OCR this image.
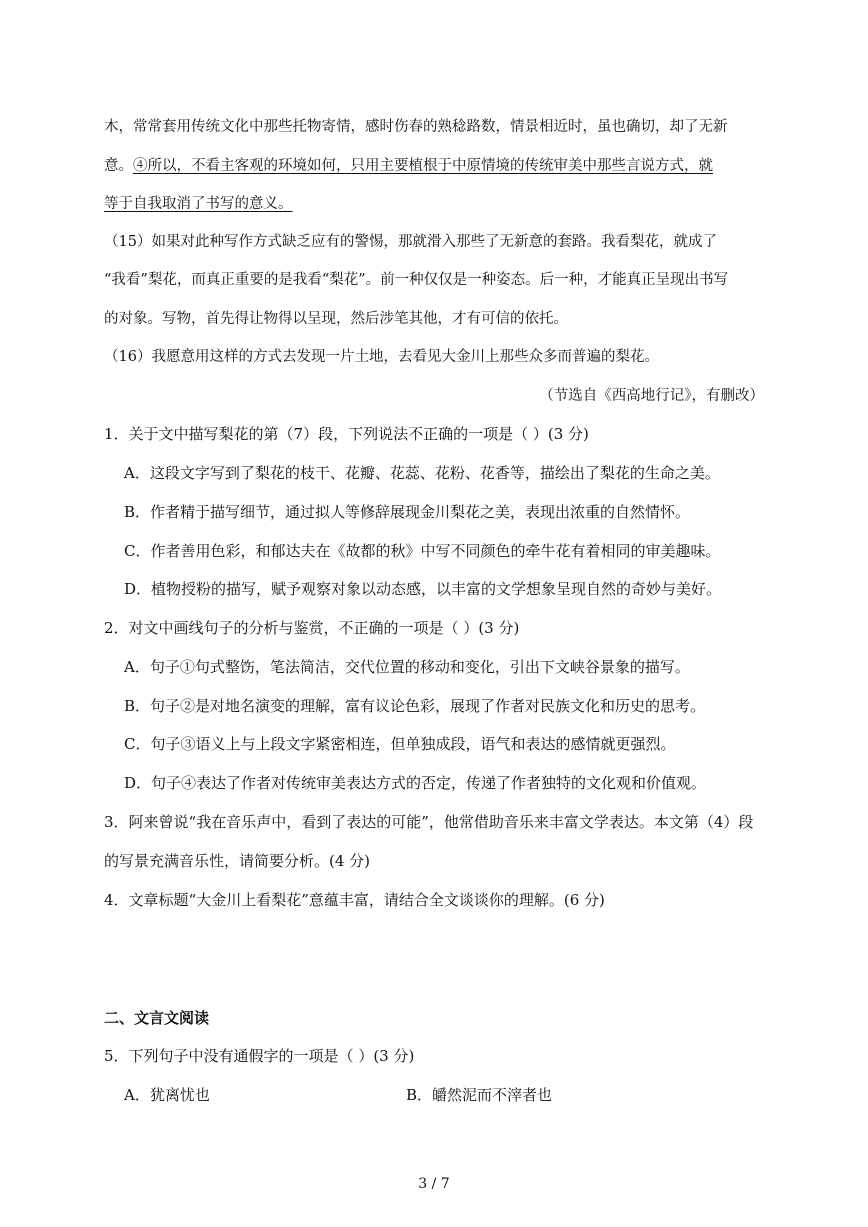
木，常常套用传统文化中那些托物寄情，感时伤春的熟稔路数，情景相近时，虽也确切，却了无新
意。④所以，不看主客观的环境如何，只用主要植根于中原情境的传统审美中那些言说方式，就
等于自我取消了书写的意义。
（15）如果对此种写作方式缺乏应有的警惕，那就滑入那些了无新意的套路。我看梨花，就成了
“我看”梨花，而真正重要的是我看“梨花”。前一种仅仅是一种姿态。后一种，才能真正呈现出书写
的对象。写物，首先得让物得以呈现，然后涉笔其他，才有可信的依托。
（16）我愿意用这样的方式去发现一片土地，去看见大金川上那些众多而普遍的梨花。
（节选自《西高地行记》，有删改）
1．关于文中描写梨花的第（7）段，下列说法不正确的一项是（ ）(3 分)
A．这段文字写到了梨花的枝干、花瓣、花蕊、花粉、花香等，描绘出了梨花的生命之美。
B．作者精于描写细节，通过拟人等修辞展现金川梨花之美，表现出浓重的自然情怀。
C．作者善用色彩，和郁达夫在《故都的秋》中写不同颜色的牵牛花有着相同的审美趣味。
D．植物授粉的描写，赋予观察对象以动态感，以丰富的文学想象呈现自然的奇妙与美好。
2．对文中画线句子的分析与鉴赏，不正确的一项是（ ）(3 分)
A．句子①句式整饬，笔法简洁，交代位置的移动和变化，引出下文峡谷景象的描写。
B．句子②是对地名演变的理解，富有议论色彩，展现了作者对民族文化和历史的思考。
C．句子③语义上与上段文字紧密相连，但单独成段，语气和表达的感情就更强烈。
D．句子④表达了作者对传统审美表达方式的否定，传递了作者独特的文化观和价值观。
3．阿来曾说“我在音乐声中，看到了表达的可能”，他常借助音乐来丰富文学表达。本文第（4）段
的写景充满音乐性，请简要分析。(4 分)
4．文章标题“大金川上看梨花”意蕴丰富，请结合全文谈谈你的理解。(6 分)
二、文言文阅读
5．下列句子中没有通假字的一项是（ ）(3 分)
A．犹离忧也	B．皭然泥而不滓者也
3 / 7
